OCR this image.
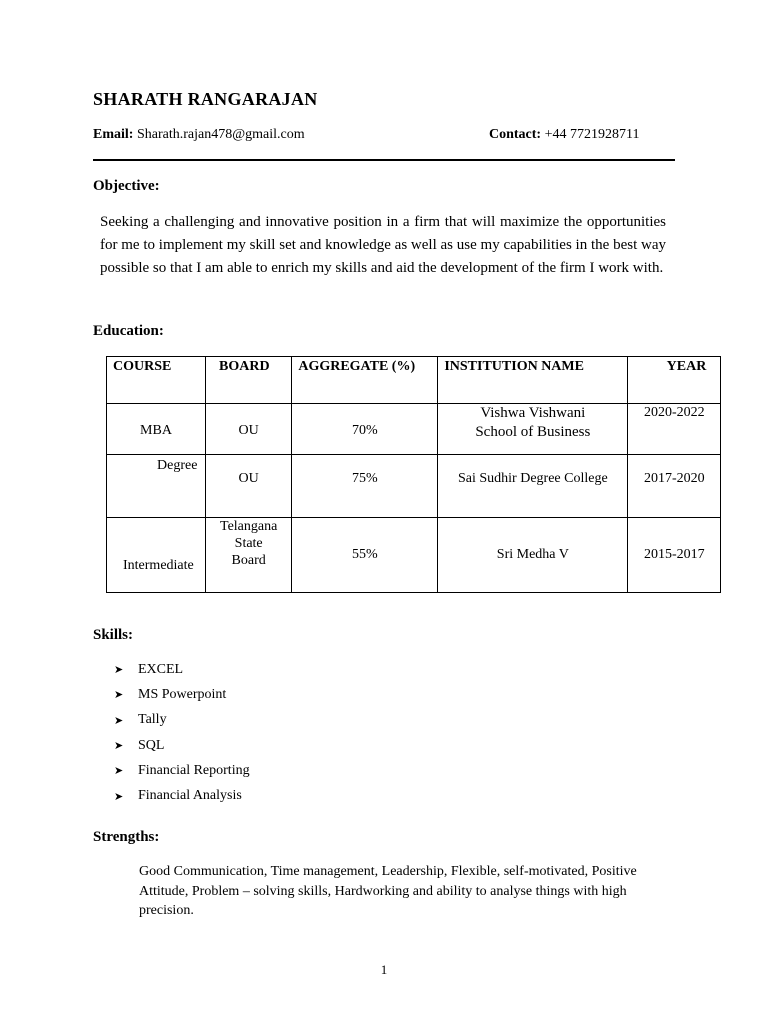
SHARATH RANGARAJAN
Email: Sharath.rajan478@gmail.com	Contact: +44 7721928711
Objective:
Seeking a challenging and innovative position in a firm that will maximize the opportunities for me to implement my skill set and knowledge as well as use my capabilities in the best way possible so that I am able to enrich my skills and aid the development of the firm I work with.
Education:
COURSE	BOARD	AGGREGATE (%)	INSTITUTION NAME	YEAR
MBA	OU	70%	Vishwa Vishwani School of Business	2020-2022
Degree	OU	75%	Sai Sudhir Degree College	2017-2020
Intermediate	Telangana State Board	55%	Sri Medha V	2015-2017
Skills:
➤	EXCEL
➤	MS Powerpoint
➤	Tally
➤	SQL
➤	Financial Reporting
➤	Financial Analysis
Strengths:
Good Communication, Time management, Leadership, Flexible, self-motivated, Positive Attitude, Problem – solving skills, Hardworking and ability to analyse things with high precision.
1
